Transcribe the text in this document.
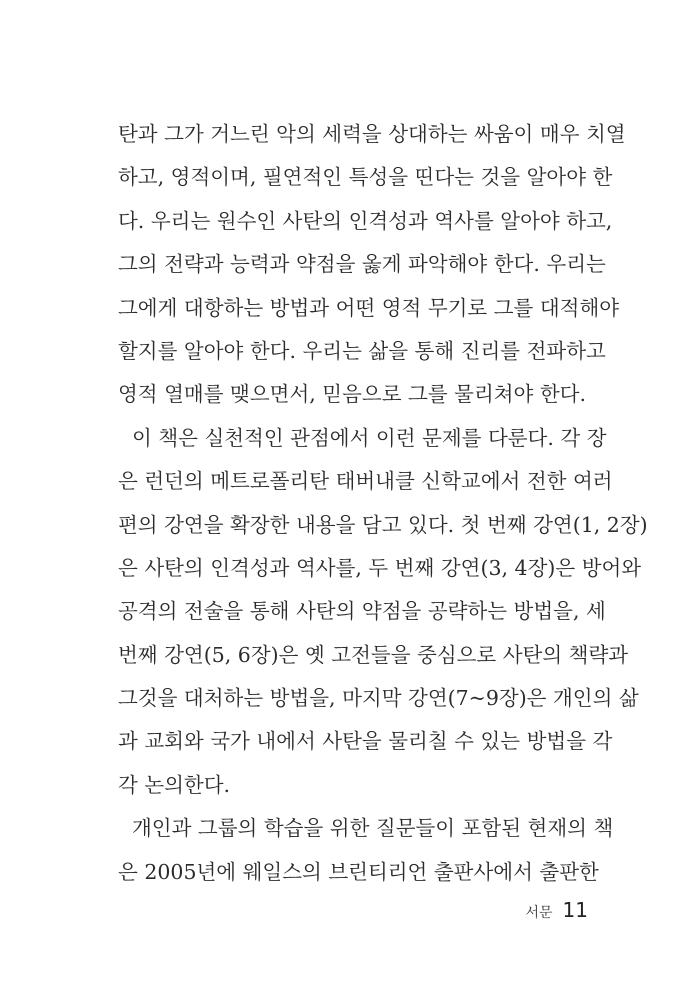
탄과 그가 거느린 악의 세력을 상대하는 싸움이 매우 치열
하고, 영적이며, 필연적인 특성을 띤다는 것을 알아야 한
다. 우리는 원수인 사탄의 인격성과 역사를 알아야 하고,
그의 전략과 능력과 약점을 옳게 파악해야 한다. 우리는
그에게 대항하는 방법과 어떤 영적 무기로 그를 대적해야
할지를 알아야 한다. 우리는 삶을 통해 진리를 전파하고
영적 열매를 맺으면서, 믿음으로 그를 물리쳐야 한다.
이 책은 실천적인 관점에서 이런 문제를 다룬다. 각 장
은 런던의 메트로폴리탄 태버내클 신학교에서 전한 여러
편의 강연을 확장한 내용을 담고 있다. 첫 번째 강연(1, 2장)
은 사탄의 인격성과 역사를, 두 번째 강연(3, 4장)은 방어와
공격의 전술을 통해 사탄의 약점을 공략하는 방법을, 세
번째 강연(5, 6장)은 옛 고전들을 중심으로 사탄의 책략과
그것을 대처하는 방법을, 마지막 강연(7~9장)은 개인의 삶
과 교회와 국가 내에서 사탄을 물리칠 수 있는 방법을 각
각 논의한다.
개인과 그룹의 학습을 위한 질문들이 포함된 현재의 책
은 2005년에 웨일스의 브린티리언 출판사에서 출판한
서문 11
